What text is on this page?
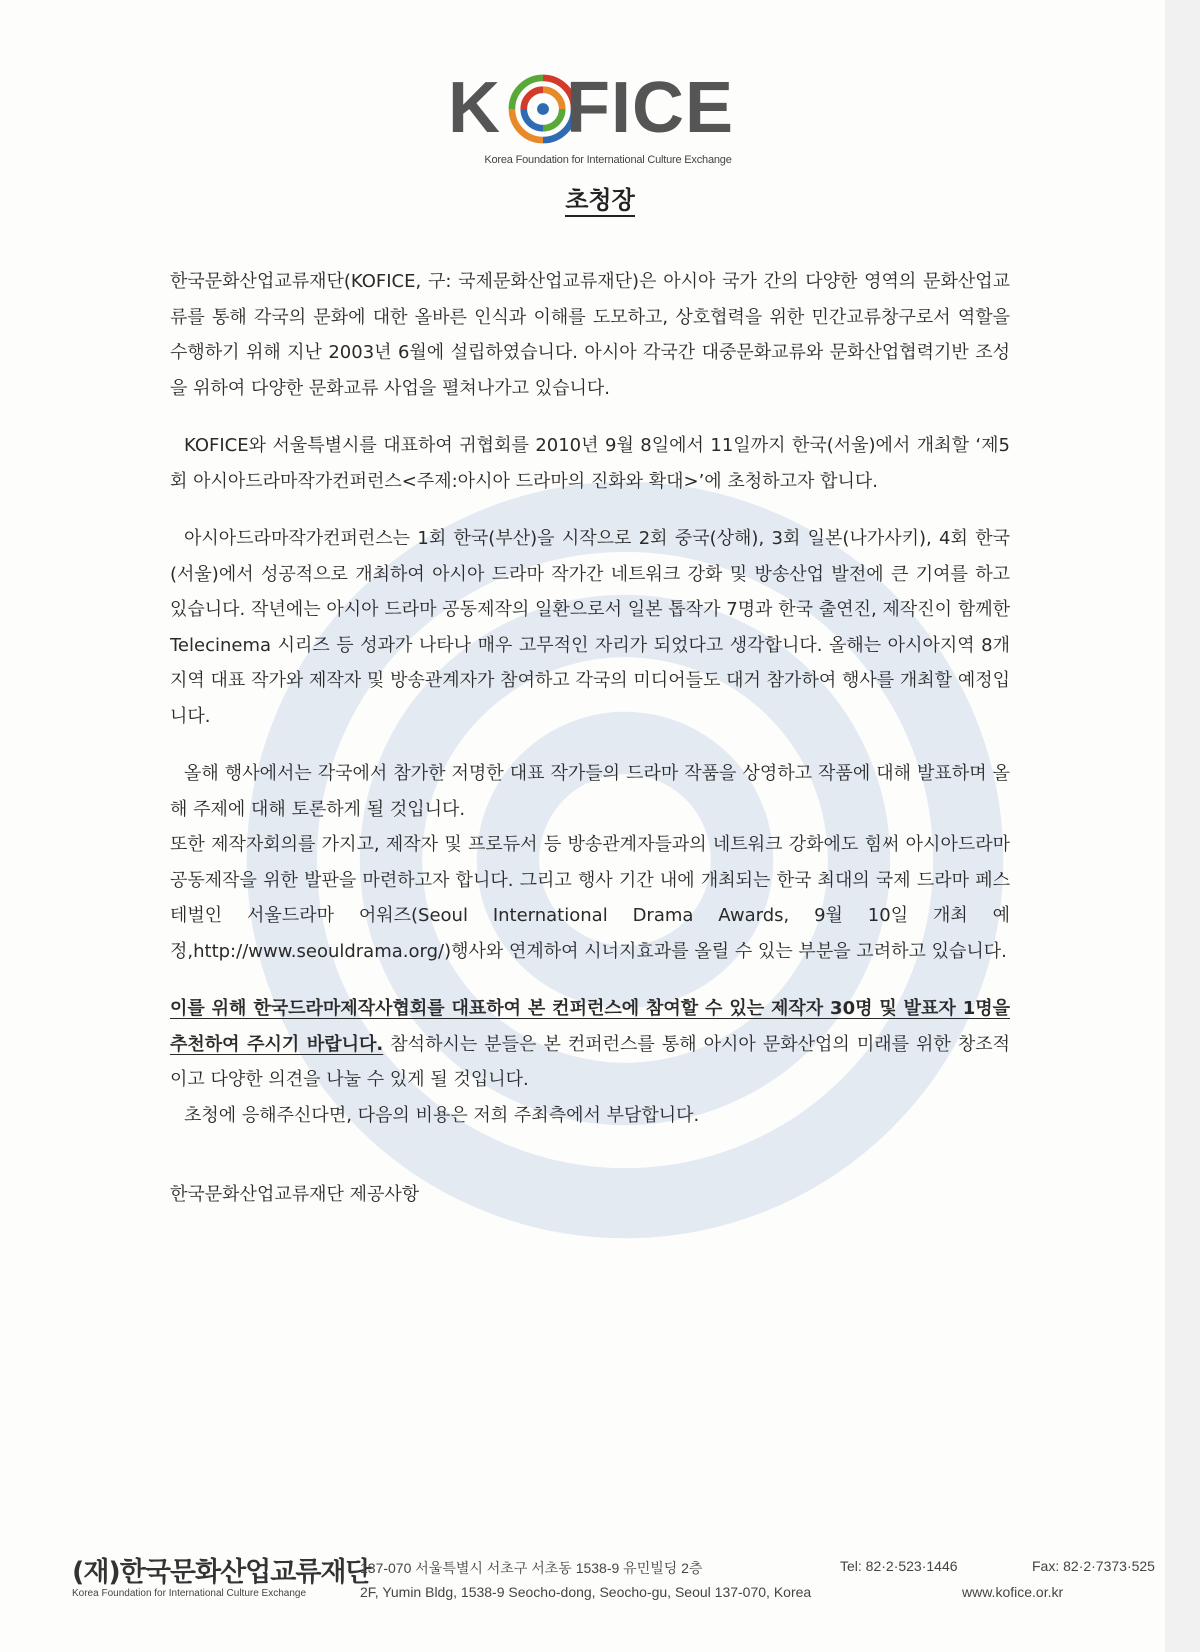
K FICE
Korea Foundation for International Culture Exchange
초청장

한국문화산업교류재단(KOFICE, 구: 국제문화산업교류재단)은 아시아 국가 간의 다양한 영역의 문화산업교류를 통해 각국의 문화에 대한 올바른 인식과 이해를 도모하고, 상호협력을 위한 민간교류창구로서 역할을 수행하기 위해 지난 2003년 6월에 설립하였습니다. 아시아 각국간 대중문화교류와 문화산업협력기반 조성을 위하여 다양한 문화교류 사업을 펼쳐나가고 있습니다.

KOFICE와 서울특별시를 대표하여 귀협회를 2010년 9월 8일에서 11일까지 한국(서울)에서 개최할 ‘제5회 아시아드라마작가컨퍼런스<주제:아시아 드라마의 진화와 확대>’에 초청하고자 합니다.

아시아드라마작가컨퍼런스는 1회 한국(부산)을 시작으로 2회 중국(상해), 3회 일본(나가사키), 4회 한국(서울)에서 성공적으로 개최하여 아시아 드라마 작가간 네트워크 강화 및 방송산업 발전에 큰 기여를 하고 있습니다. 작년에는 아시아 드라마 공동제작의 일환으로서 일본 톱작가 7명과 한국 출연진, 제작진이 함께한 Telecinema 시리즈 등 성과가 나타나 매우 고무적인 자리가 되었다고 생각합니다. 올해는 아시아지역 8개지역 대표 작가와 제작자 및 방송관계자가 참여하고 각국의 미디어들도 대거 참가하여 행사를 개최할 예정입니다.

올해 행사에서는 각국에서 참가한 저명한 대표 작가들의 드라마 작품을 상영하고 작품에 대해 발표하며 올해 주제에 대해 토론하게 될 것입니다.

또한 제작자회의를 가지고, 제작자 및 프로듀서 등 방송관계자들과의 네트워크 강화에도 힘써 아시아드라마 공동제작을 위한 발판을 마련하고자 합니다. 그리고 행사 기간 내에 개최되는 한국 최대의 국제 드라마 페스테벌인 서울드라마 어워즈(Seoul International Drama Awards, 9월 10일 개최 예정,http://www.seouldrama.org/)행사와 연계하여 시너지효과를 올릴 수 있는 부분을 고려하고 있습니다.

이를 위해 한국드라마제작사협회를 대표하여 본 컨퍼런스에 참여할 수 있는 제작자 30명 및 발표자 1명을 추천하여 주시기 바랍니다. 참석하시는 분들은 본 컨퍼런스를 통해 아시아 문화산업의 미래를 위한 창조적이고 다양한 의견을 나눌 수 있게 될 것입니다.

초청에 응해주신다면, 다음의 비용은 저희 주최측에서 부담합니다.

한국문화산업교류재단 제공사항

(재)한국문화산업교류재단
Korea Foundation for International Culture Exchange
137-070 서울특별시 서초구 서초동 1538-9 유민빌딩 2층	Tel: 82·2·523·1446	Fax: 82·2·7373·525
2F, Yumin Bldg, 1538-9 Seocho-dong, Seocho-gu, Seoul 137-070, Korea	www.kofice.or.kr
